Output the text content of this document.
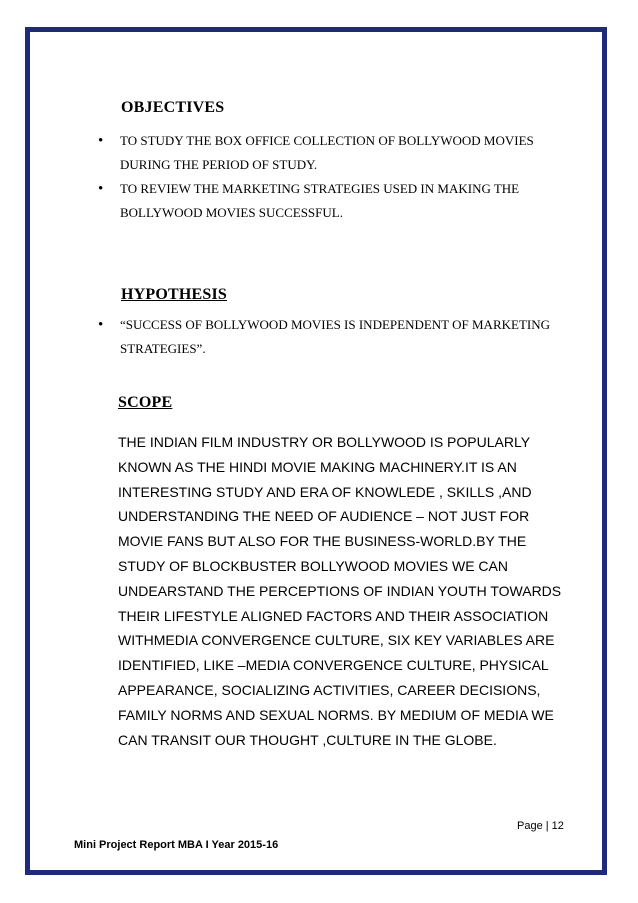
OBJECTIVES
• TO STUDY THE BOX OFFICE COLLECTION OF BOLLYWOOD MOVIES DURING THE PERIOD OF STUDY.
• TO REVIEW THE MARKETING STRATEGIES USED IN MAKING THE BOLLYWOOD MOVIES SUCCESSFUL.
HYPOTHESIS
• “SUCCESS OF BOLLYWOOD MOVIES IS INDEPENDENT OF MARKETING STRATEGIES”.
SCOPE

THE INDIAN FILM INDUSTRY OR BOLLYWOOD IS POPULARLY KNOWN AS THE HINDI MOVIE MAKING MACHINERY.IT IS AN INTERESTING STUDY AND ERA OF KNOWLEDE , SKILLS ,AND UNDERSTANDING THE NEED OF AUDIENCE – NOT JUST FOR MOVIE FANS BUT ALSO FOR THE BUSINESS-WORLD.BY THE STUDY OF BLOCKBUSTER BOLLYWOOD MOVIES WE CAN UNDEARSTAND THE PERCEPTIONS OF INDIAN YOUTH TOWARDS THEIR LIFESTYLE ALIGNED FACTORS AND THEIR ASSOCIATION WITHMEDIA CONVERGENCE CULTURE, SIX KEY VARIABLES ARE IDENTIFIED, LIKE –MEDIA CONVERGENCE CULTURE, PHYSICAL APPEARANCE, SOCIALIZING ACTIVITIES, CAREER DECISIONS, FAMILY NORMS AND SEXUAL NORMS. BY MEDIUM OF MEDIA WE CAN TRANSIT OUR THOUGHT ,CULTURE IN THE GLOBE.

Page | 12
Mini Project Report MBA I Year 2015-16
